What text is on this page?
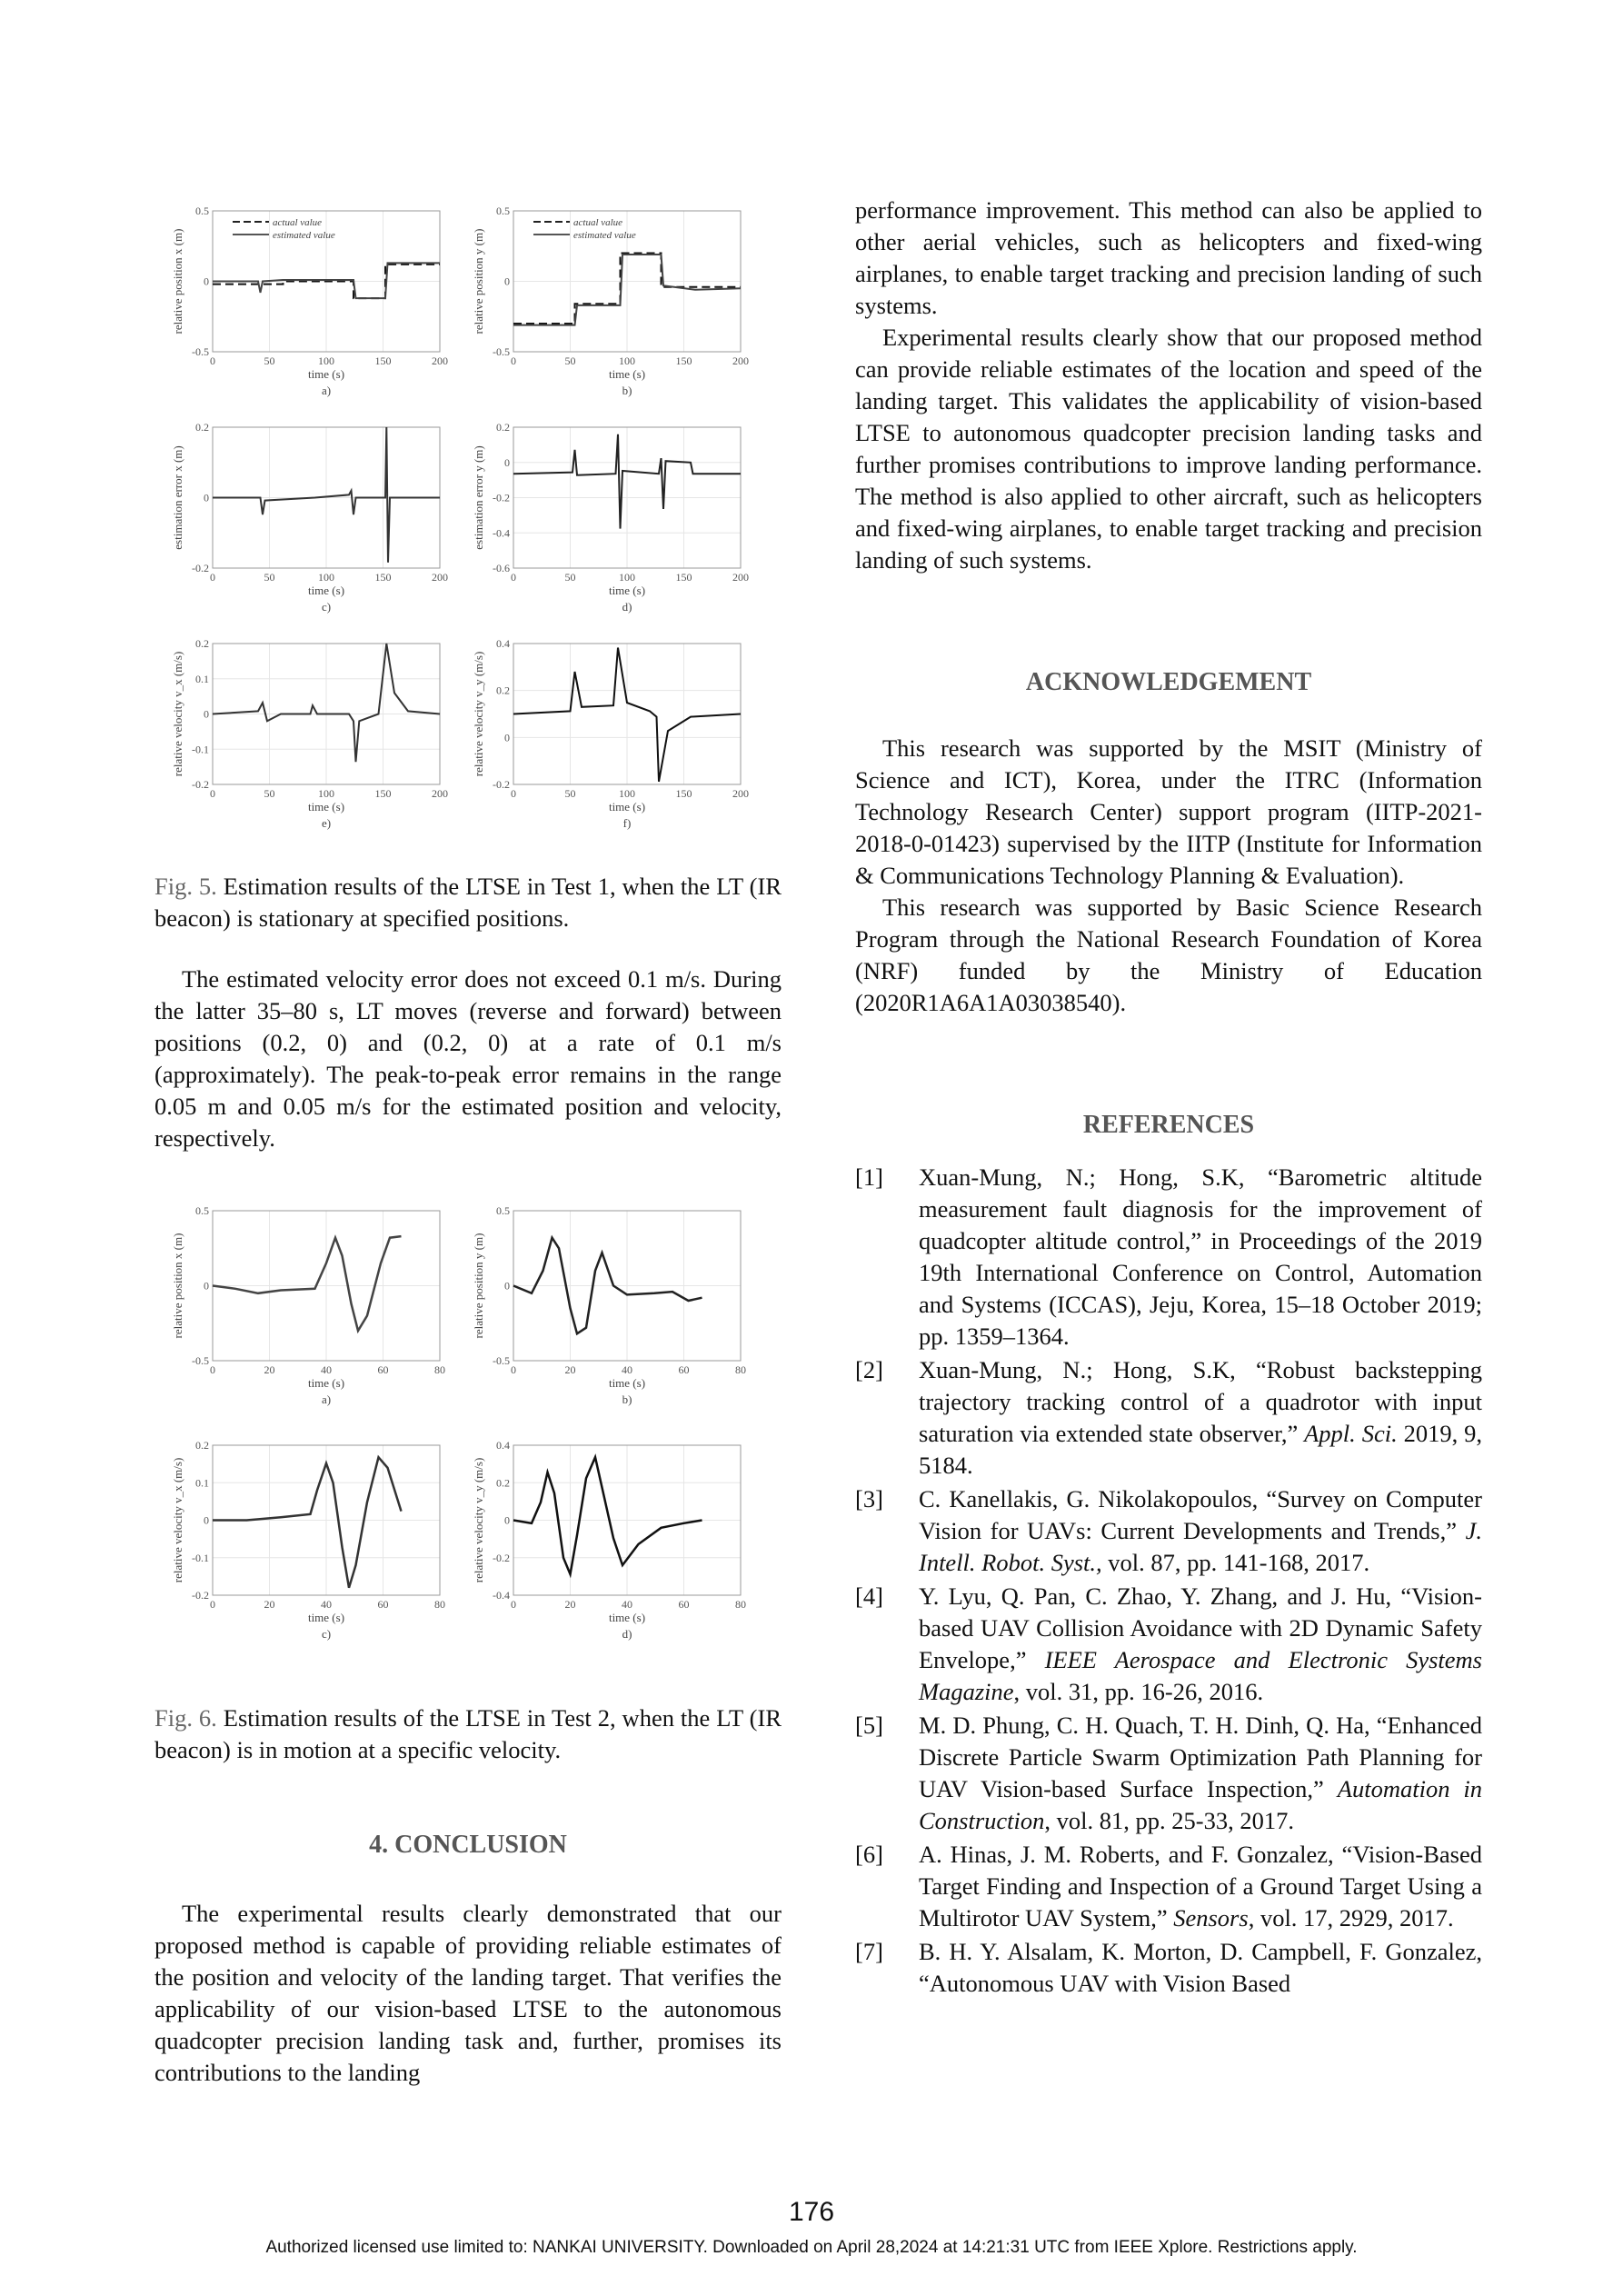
0	50	100	150	200
0.5
0
-0.5
time (s)
a)
relative position x (m)
actual value
estimated value
0	50	100	150	200
0.5
0
-0.5
time (s)
b)
relative position y (m)
actual value
estimated value
0	50	100	150	200
0.2
0
-0.2
time (s)
c)
estimation error x (m)
0	50	100	150	200
0.2
0
-0.2
-0.4
-0.6
time (s)
d)
estimation error y (m)
0	50	100	150	200
0.2
0.1
0
-0.1
-0.2
time (s)
e)
relative velocity v_x (m/s)
0	50	100	150	200
0.4
0.2
0
-0.2
time (s)
f)
relative velocity v_y (m/s)

Fig. 5. Estimation results of the LTSE in Test 1, when the LT (IR beacon) is stationary at specified positions.

The estimated velocity error does not exceed 0.1 m/s. During the latter 35–80 s, LT moves (reverse and forward) between positions (0.2, 0) and (0.2, 0) at a rate of 0.1 m/s (approximately). The peak-to-peak error remains in the range 0.05 m and 0.05 m/s for the estimated position and velocity, respectively.

0	20	40	60	80
0.5
0
-0.5
time (s)
a)
relative position x (m)
0	20	40	60	80
0.5
0
-0.5
time (s)
b)
relative position y (m)
0	20	40	60	80
0.2
0.1
0
-0.1
-0.2
time (s)
c)
relative velocity v_x (m/s)
0	20	40	60	80
0.4
0.2
0
-0.2
-0.4
time (s)
d)
relative velocity v_y (m/s)

Fig. 6. Estimation results of the LTSE in Test 2, when the LT (IR beacon) is in motion at a specific velocity.

4. CONCLUSION

The experimental results clearly demonstrated that our proposed method is capable of providing reliable estimates of the position and velocity of the landing target. That verifies the applicability of our vision-based LTSE to the autonomous quadcopter precision landing task and, further, promises its contributions to the landing

performance improvement. This method can also be applied to other aerial vehicles, such as helicopters and fixed-wing airplanes, to enable target tracking and precision landing of such systems.

Experimental results clearly show that our proposed method can provide reliable estimates of the location and speed of the landing target. This validates the applicability of vision-based LTSE to autonomous quadcopter precision landing tasks and further promises contributions to improve landing performance. The method is also applied to other aircraft, such as helicopters and fixed-wing airplanes, to enable target tracking and precision landing of such systems.

ACKNOWLEDGEMENT

This research was supported by the MSIT (Ministry of Science and ICT), Korea, under the ITRC (Information Technology Research Center) support program (IITP-2021-2018-0-01423) supervised by the IITP (Institute for Information & Communications Technology Planning & Evaluation).

This research was supported by Basic Science Research Program through the National Research Foundation of Korea (NRF) funded by the Ministry of Education (2020R1A6A1A03038540).

REFERENCES

[1]	Xuan-Mung, N.; Hong, S.K, “Barometric altitude measurement fault diagnosis for the improvement of quadcopter altitude control,” in Proceedings of the 2019 19th International Conference on Control, Automation and Systems (ICCAS), Jeju, Korea, 15–18 October 2019; pp. 1359–1364.
[2]	Xuan-Mung, N.; Hong, S.K, “Robust backstepping trajectory tracking control of a quadrotor with input saturation via extended state observer,” Appl. Sci. 2019, 9, 5184.
[3]	C. Kanellakis, G. Nikolakopoulos, “Survey on Computer Vision for UAVs: Current Developments and Trends,” J. Intell. Robot. Syst., vol. 87, pp. 141-168, 2017.
[4]	Y. Lyu, Q. Pan, C. Zhao, Y. Zhang, and J. Hu, “Vision-based UAV Collision Avoidance with 2D Dynamic Safety Envelope,” IEEE Aerospace and Electronic Systems Magazine, vol. 31, pp. 16-26, 2016.
[5]	M. D. Phung, C. H. Quach, T. H. Dinh, Q. Ha, “Enhanced Discrete Particle Swarm Optimization Path Planning for UAV Vision-based Surface Inspection,” Automation in Construction, vol. 81, pp. 25-33, 2017.
[6]	A. Hinas, J. M. Roberts, and F. Gonzalez, “Vision-Based Target Finding and Inspection of a Ground Target Using a Multirotor UAV System,” Sensors, vol. 17, 2929, 2017.
[7]	B. H. Y. Alsalam, K. Morton, D. Campbell, F. Gonzalez, “Autonomous UAV with Vision Based
176
Authorized licensed use limited to: NANKAI UNIVERSITY. Downloaded on April 28,2024 at 14:21:31 UTC from IEEE Xplore. Restrictions apply.
